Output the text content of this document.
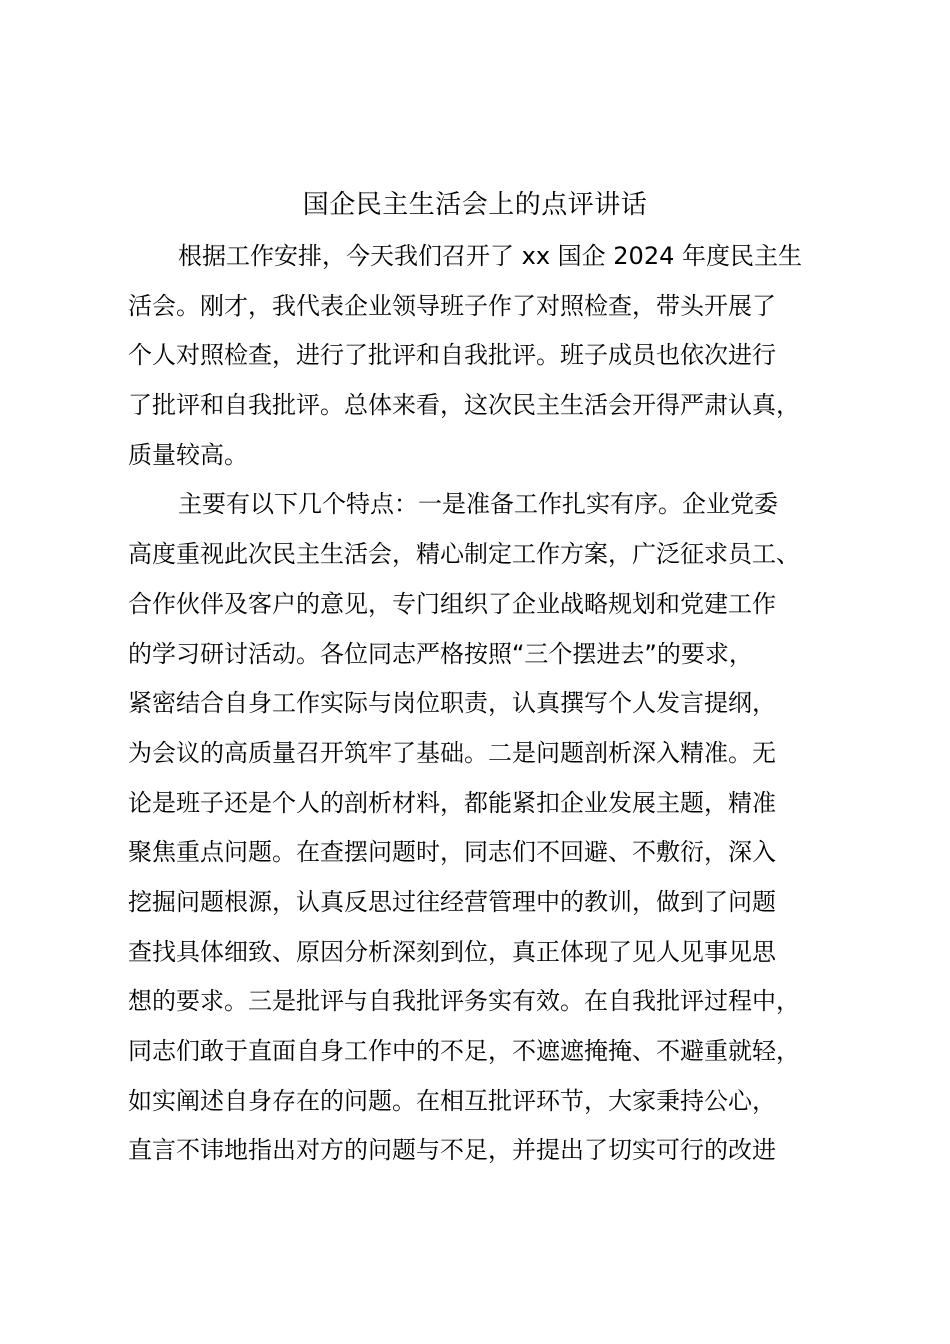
国企民主生活会上的点评讲话
根据工作安排，今天我们召开了 xx 国企 2024 年度民主生
活会。刚才，我代表企业领导班子作了对照检查，带头开展了
个人对照检查，进行了批评和自我批评。班子成员也依次进行
了批评和自我批评。总体来看，这次民主生活会开得严肃认真，
质量较高。
主要有以下几个特点：一是准备工作扎实有序。企业党委
高度重视此次民主生活会，精心制定工作方案，广泛征求员工、
合作伙伴及客户的意见，专门组织了企业战略规划和党建工作
的学习研讨活动。各位同志严格按照“三个摆进去”的要求，
紧密结合自身工作实际与岗位职责，认真撰写个人发言提纲，
为会议的高质量召开筑牢了基础。二是问题剖析深入精准。无
论是班子还是个人的剖析材料，都能紧扣企业发展主题，精准
聚焦重点问题。在查摆问题时，同志们不回避、不敷衍，深入
挖掘问题根源，认真反思过往经营管理中的教训，做到了问题
查找具体细致、原因分析深刻到位，真正体现了见人见事见思
想的要求。三是批评与自我批评务实有效。在自我批评过程中，
同志们敢于直面自身工作中的不足，不遮遮掩掩、不避重就轻，
如实阐述自身存在的问题。在相互批评环节，大家秉持公心，
直言不讳地指出对方的问题与不足，并提出了切实可行的改进
